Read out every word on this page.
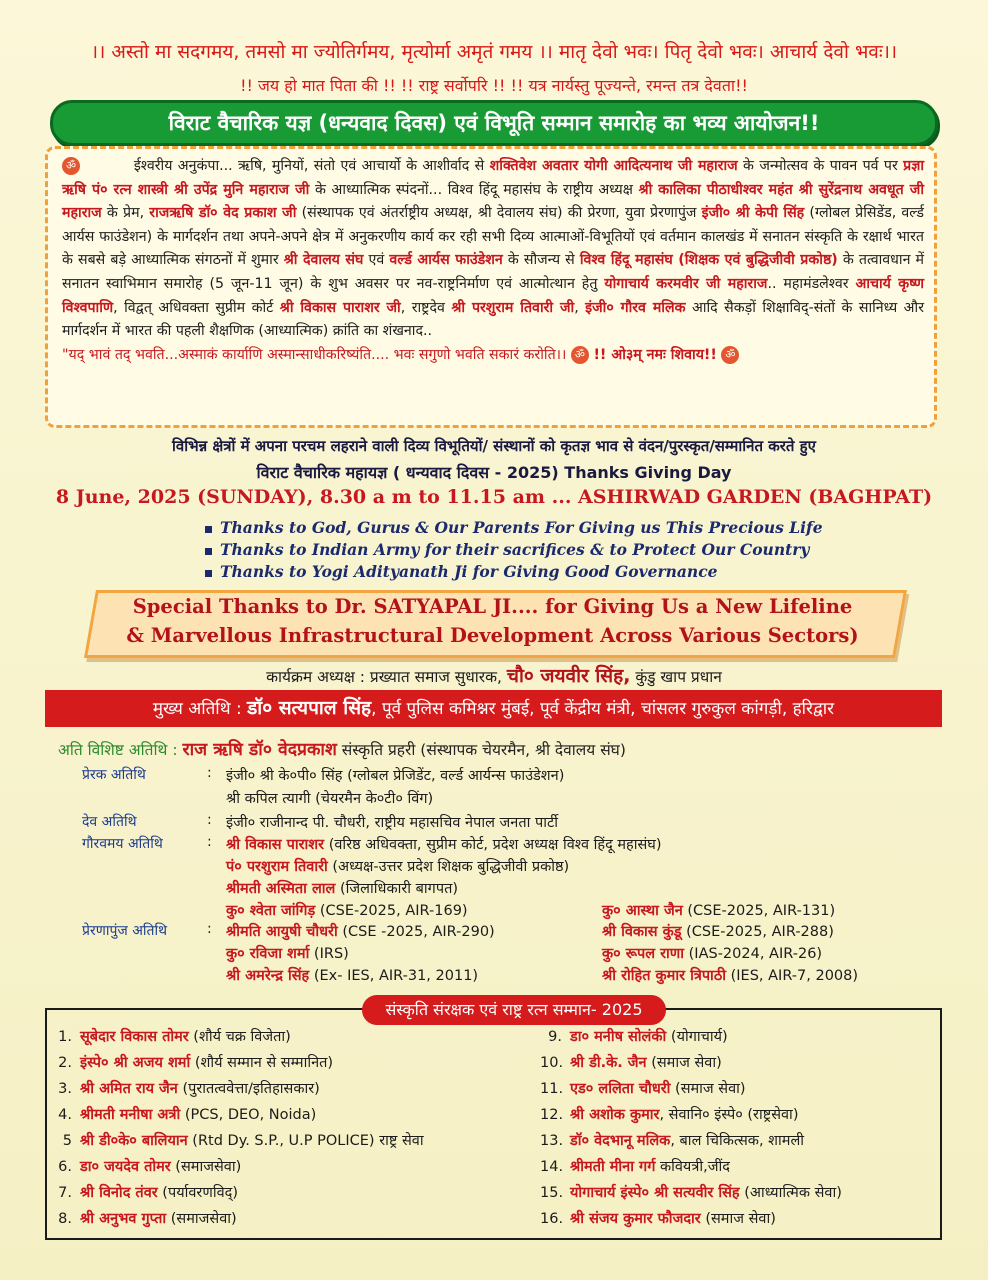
।। अस्तो मा सदगमय, तमसो मा ज्योतिर्गमय, मृत्योर्मा अमृतं गमय ।। मातृ देवो भवः। पितृ देवो भवः। आचार्य देवो भवः।।
!! जय हो मात पिता की !! !! राष्ट्र सर्वोपरि !! !! यत्र नार्यस्तु पूज्यन्ते, रमन्त तत्र देवता!!
विराट वैचारिक यज्ञ (धन्यवाद दिवस) एवं विभूति सम्मान समारोह का भव्य आयोजन!!
ॐ	ईश्वरीय अनुकंपा... ऋषि, मुनियों, संतो एवं आचार्यो के आशीर्वाद से शक्तिवेश अवतार योगी आदित्यनाथ जी महाराज के जन्मोत्सव के पावन पर्व पर प्रज्ञा ऋषि पं० रत्न शास्त्री श्री उपेंद्र मुनि महाराज जी के आध्यात्मिक स्पंदनों... विश्व हिंदू महासंघ के राष्ट्रीय अध्यक्ष श्री कालिका पीठाधीश्वर महंत श्री सुरेंद्रनाथ अवधूत जी महाराज के प्रेम, राजऋषि डॉ० वेद प्रकाश जी (संस्थापक एवं अंतर्राष्ट्रीय अध्यक्ष, श्री देवालय संघ) की प्रेरणा, युवा प्रेरणापुंज इंजी० श्री केपी सिंह (ग्लोबल प्रेसिडेंड, वर्ल्ड आर्यस फाउंडेशन) के मार्गदर्शन तथा अपने-अपने क्षेत्र में अनुकरणीय कार्य कर रही सभी दिव्य आत्माओं-विभूतियों एवं वर्तमान कालखंड में सनातन संस्कृति के रक्षार्थ भारत के सबसे बड़े आध्यात्मिक संगठनों में शुमार श्री देवालय संघ एवं वर्ल्ड आर्यस फाउंडेशन के सौजन्य से विश्व हिंदू महासंघ (शिक्षक एवं बुद्धिजीवी प्रकोष्ठ) के तत्वावधान में सनातन स्वाभिमान समारोह (5 जून-11 जून) के शुभ अवसर पर नव-राष्ट्रनिर्माण एवं आत्मोत्थान हेतु योगाचार्य करमवीर जी महाराज.. महामंडलेश्वर आचार्य कृष्ण विश्वपाणि, विद्वत् अधिवक्ता सुप्रीम कोर्ट श्री विकास पाराशर जी, राष्ट्रदेव श्री परशुराम तिवारी जी, इंजी० गौरव मलिक आदि सैकड़ों शिक्षाविद्-संतों के सानिध्य और मार्गदर्शन में भारत की पहली शैक्षणिक (आध्यात्मिक) क्रांति का शंखनाद..
"यद् भावं तद् भवति...अस्माकं कार्याणि अस्मान्साधीकरिष्यंति.... भवः सगुणो भवति सकारं करोति।। ॐ !! ओ३म् नमः शिवाय!! ॐ
विभिन्न क्षेत्रों में अपना परचम लहराने वाली दिव्य विभूतियों/ संस्थानों को कृतज्ञ भाव से वंदन/पुरस्कृत/सम्मानित करते हुए
विराट वैचारिक महायज्ञ ( धन्यवाद दिवस - 2025) Thanks Giving Day
8 June, 2025 (SUNDAY), 8.30 a m to 11.15 am ... ASHIRWAD GARDEN (BAGHPAT)
Thanks to God, Gurus & Our Parents For Giving us This Precious Life
Thanks to Indian Army for their sacrifices & to Protect Our Country
Thanks to Yogi Adityanath Ji for Giving Good Governance
Special Thanks to Dr. SATYAPAL JI.... for Giving Us a New Lifeline
& Marvellous Infrastructural Development Across Various Sectors)
कार्यक्रम अध्यक्ष : प्रख्यात समाज सुधारक, चौ० जयवीर सिंह, कुंडु खाप प्रधान
मुख्य अतिथि : डॉ० सत्यपाल सिंह, पूर्व पुलिस कमिश्नर मुंबई, पूर्व केंद्रीय मंत्री, चांसलर गुरुकुल कांगड़ी, हरिद्वार
अति विशिष्ट अतिथि : राज ऋषि डॉ० वेदप्रकाश संस्कृति प्रहरी (संस्थापक चेयरमैन, श्री देवालय संघ)
प्रेरक अतिथि
देव अतिथि
गौरवमय अतिथि
प्रेरणापुंज अतिथि
:
:
:
:
इंजी० श्री के०पी० सिंह (ग्लोबल प्रेजिडेंट, वर्ल्ड आर्यन्स फाउंडेशन)
श्री कपिल त्यागी (चेयरमैन के०टी० विंग)
इंजी० राजीनान्द पी. चौधरी, राष्ट्रीय महासचिव नेपाल जनता पार्टी
श्री विकास पाराशर (वरिष्ठ अधिवक्ता, सुप्रीम कोर्ट, प्रदेश अध्यक्ष विश्व हिंदू महासंघ)
पं० परशुराम तिवारी (अध्यक्ष-उत्तर प्रदेश शिक्षक बुद्धिजीवी प्रकोष्ठ)
श्रीमती अस्मिता लाल (जिलाधिकारी बागपत)
कु० श्वेता जांगिड़ (CSE-2025, AIR-169)
श्रीमति आयुषी चौधरी (CSE -2025, AIR-290)
कु० रविजा शर्मा (IRS)
श्री अमरेन्द्र सिंह (Ex- IES, AIR-31, 2011)
कु० आस्था जैन (CSE-2025, AIR-131)
श्री विकास कुंडू (CSE-2025, AIR-288)
कु० रूपल राणा (IAS-2024, AIR-26)
श्री रोहित कुमार त्रिपाठी (IES, AIR-7, 2008)
संस्कृति संरक्षक एवं राष्ट्र रत्न सम्मान- 2025
1. सूबेदार विकास तोमर (शौर्य चक्र विजेता)
2. इंस्पे० श्री अजय शर्मा (शौर्य सम्मान से सम्मानित)
3. श्री अमित राय जैन (पुरातत्ववेत्ता/इतिहासकार)
4. श्रीमती मनीषा अत्री (PCS, DEO, Noida)
5 श्री डी०के० बालियान (Rtd Dy. S.P., U.P POLICE) राष्ट्र सेवा
6. डा० जयदेव तोमर (समाजसेवा)
7. श्री विनोद तंवर (पर्यावरणविद्)
8. श्री अनुभव गुप्ता (समाजसेवा)
9. डा० मनीष सोलंकी (योगाचार्य)
10. श्री डी.के. जैन (समाज सेवा)
11. एड० ललिता चौधरी (समाज सेवा)
12. श्री अशोक कुमार, सेवानि० इंस्पे० (राष्ट्रसेवा)
13. डॉ० वेदभानू मलिक, बाल चिकित्सक, शामली
14. श्रीमती मीना गर्ग कवियत्री,जींद
15. योगाचार्य इंस्पे० श्री सत्यवीर सिंह (आध्यात्मिक सेवा)
16. श्री संजय कुमार फौजदार (समाज सेवा)
